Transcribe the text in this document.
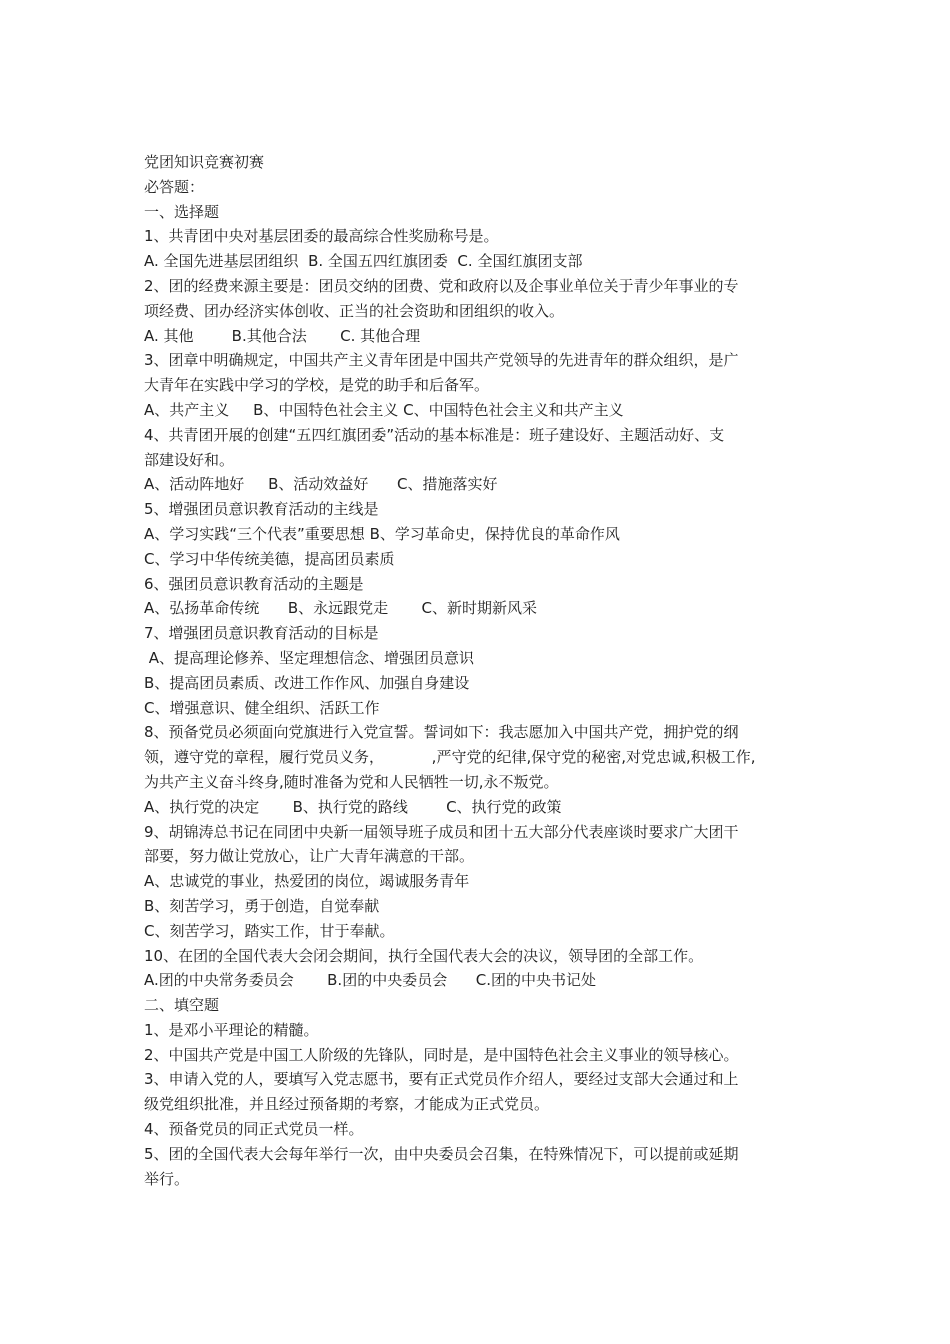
党团知识竞赛初赛
必答题：
一、选择题
1、共青团中央对基层团委的最高综合性奖励称号是。
A. 全国先进基层团组织  B. 全国五四红旗团委  C. 全国红旗团支部
2、团的经费来源主要是：团员交纳的团费、党和政府以及企事业单位关于青少年事业的专
项经费、团办经济实体创收、正当的社会资助和团组织的收入。
A. 其他        B.其他合法       C. 其他合理
3、团章中明确规定，中国共产主义青年团是中国共产党领导的先进青年的群众组织，是广
大青年在实践中学习的学校，是党的助手和后备军。
A、共产主义     B、中国特色社会主义 C、中国特色社会主义和共产主义
4、共青团开展的创建“五四红旗团委”活动的基本标准是：班子建设好、主题活动好、支
部建设好和。
A、活动阵地好     B、活动效益好      C、措施落实好
5、增强团员意识教育活动的主线是
A、学习实践“三个代表”重要思想 B、学习革命史，保持优良的革命作风
C、学习中华传统美德，提高团员素质
6、强团员意识教育活动的主题是
A、弘扬革命传统      B、永远跟党走       C、新时期新风采
7、增强团员意识教育活动的目标是
A、提高理论修养、坚定理想信念、增强团员意识
B、提高团员素质、改进工作作风、加强自身建设
C、增强意识、健全组织、活跃工作
8、预备党员必须面向党旗进行入党宣誓。誓词如下：我志愿加入中国共产党，拥护党的纲
领，遵守党的章程，履行党员义务，          ,严守党的纪律,保守党的秘密,对党忠诚,积极工作,
为共产主义奋斗终身,随时准备为党和人民牺牲一切,永不叛党。
A、执行党的决定       B、执行党的路线        C、执行党的政策
9、胡锦涛总书记在同团中央新一届领导班子成员和团十五大部分代表座谈时要求广大团干
部要，努力做让党放心，让广大青年满意的干部。
A、忠诚党的事业，热爱团的岗位，竭诚服务青年
B、刻苦学习，勇于创造，自觉奉献
C、刻苦学习，踏实工作，甘于奉献。
10、在团的全国代表大会闭会期间，执行全国代表大会的决议，领导团的全部工作。
A.团的中央常务委员会       B.团的中央委员会      C.团的中央书记处
二、填空题
1、是邓小平理论的精髓。
2、中国共产党是中国工人阶级的先锋队，同时是，是中国特色社会主义事业的领导核心。
3、申请入党的人，要填写入党志愿书，要有正式党员作介绍人，要经过支部大会通过和上
级党组织批准，并且经过预备期的考察，才能成为正式党员。
4、预备党员的同正式党员一样。
5、团的全国代表大会每年举行一次，由中央委员会召集，在特殊情况下，可以提前或延期
举行。
